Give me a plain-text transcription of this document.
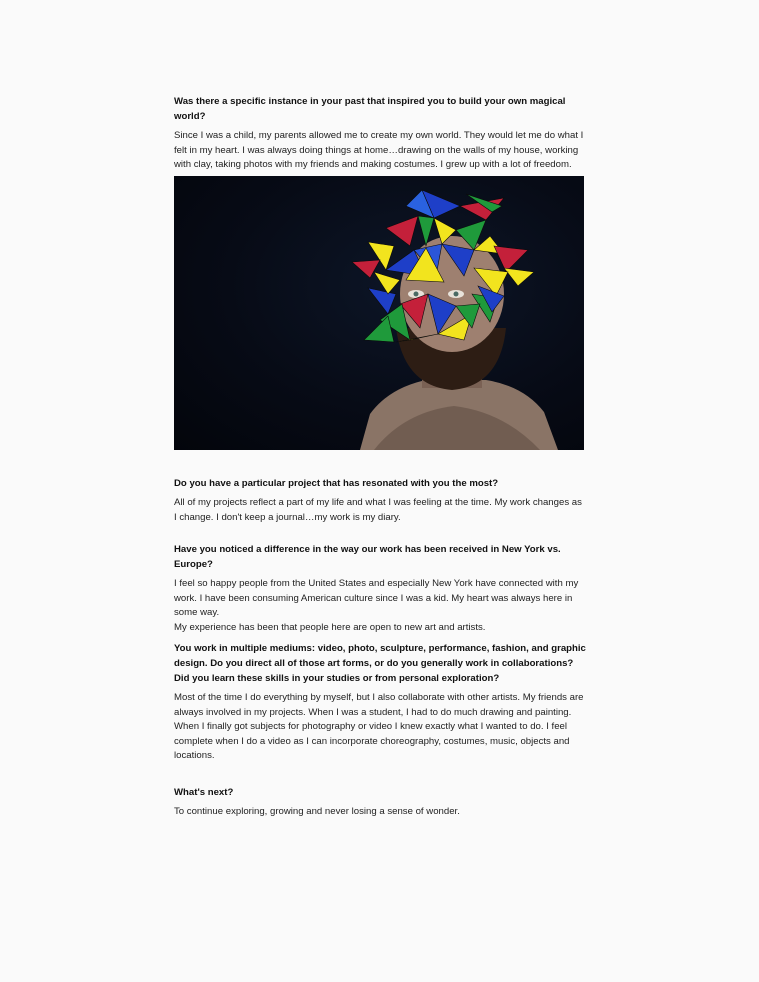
Was there a specific instance in your past that inspired you to build your own magical world?

Since I was a child, my parents allowed me to create my own world. They would let me do what I felt in my heart. I was always doing things at home…drawing on the walls of my house, working with clay, taking photos with my friends and making costumes. I grew up with a lot of freedom.

Do you have a particular project that has resonated with you the most?

All of my projects reflect a part of my life and what I was feeling at the time. My work changes as I change. I don't keep a journal…my work is my diary.

Have you noticed a difference in the way our work has been received in New York vs. Europe?

I feel so happy people from the United States and especially New York have connected with my work. I have been consuming American culture since I was a kid. My heart was always here in some way.

My experience has been that people here are open to new art and artists.

You work in multiple mediums: video, photo, sculpture, performance, fashion, and graphic design. Do you direct all of those art forms, or do you generally work in collaborations? Did you learn these skills in your studies or from personal exploration?

Most of the time I do everything by myself, but I also collaborate with other artists. My friends are always involved in my projects. When I was a student, I had to do much drawing and painting. When I finally got subjects for photography or video I knew exactly what I wanted to do. I feel complete when I do a video as I can incorporate choreography, costumes, music, objects and locations.

What's next?

To continue exploring, growing and never losing a sense of wonder.
